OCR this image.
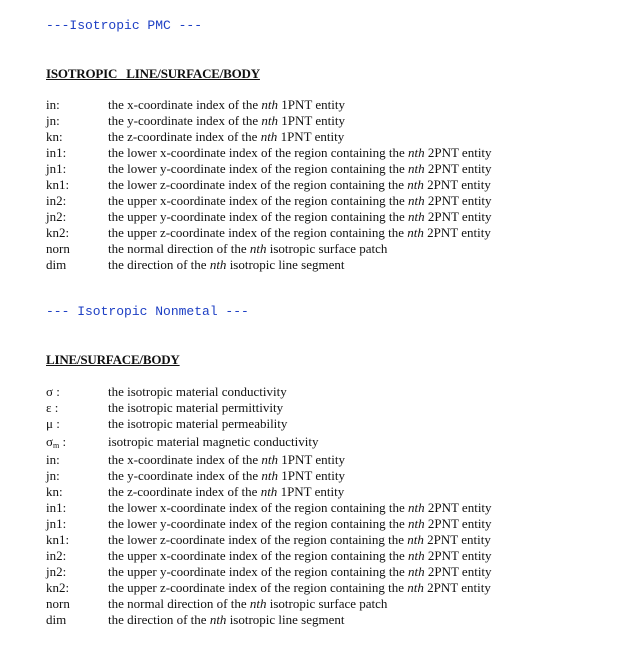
---Isotropic PMC ---
ISOTROPIC   LINE/SURFACE/BODY
in:	the x-coordinate index of the nth 1PNT entity
jn:	the y-coordinate index of the nth 1PNT entity
kn:	the z-coordinate index of the nth 1PNT entity
in1:	the lower x-coordinate index of the region containing the nth 2PNT entity
jn1:	the lower y-coordinate index of the region containing the nth 2PNT entity
kn1:	the lower z-coordinate index of the region containing the nth 2PNT entity
in2:	the upper x-coordinate index of the region containing the nth 2PNT entity
jn2:	the upper y-coordinate index of the region containing the nth 2PNT entity
kn2:	the upper z-coordinate index of the region containing the nth 2PNT entity
norn	the normal direction of the nth isotropic surface patch
dim	the direction of the nth isotropic line segment
--- Isotropic Nonmetal ---
LINE/SURFACE/BODY
σ :	the isotropic material conductivity
ε :	the isotropic material permittivity
μ :	the isotropic material permeability
$\sigma_m$ :	isotropic material magnetic conductivity
in:	the x-coordinate index of the nth 1PNT entity
jn:	the y-coordinate index of the nth 1PNT entity
kn:	the z-coordinate index of the nth 1PNT entity
in1:	the lower x-coordinate index of the region containing the nth 2PNT entity
jn1:	the lower y-coordinate index of the region containing the nth 2PNT entity
kn1:	the lower z-coordinate index of the region containing the nth 2PNT entity
in2:	the upper x-coordinate index of the region containing the nth 2PNT entity
jn2:	the upper y-coordinate index of the region containing the nth 2PNT entity
kn2:	the upper z-coordinate index of the region containing the nth 2PNT entity
norn	the normal direction of the nth isotropic surface patch
dim	the direction of the nth isotropic line segment
